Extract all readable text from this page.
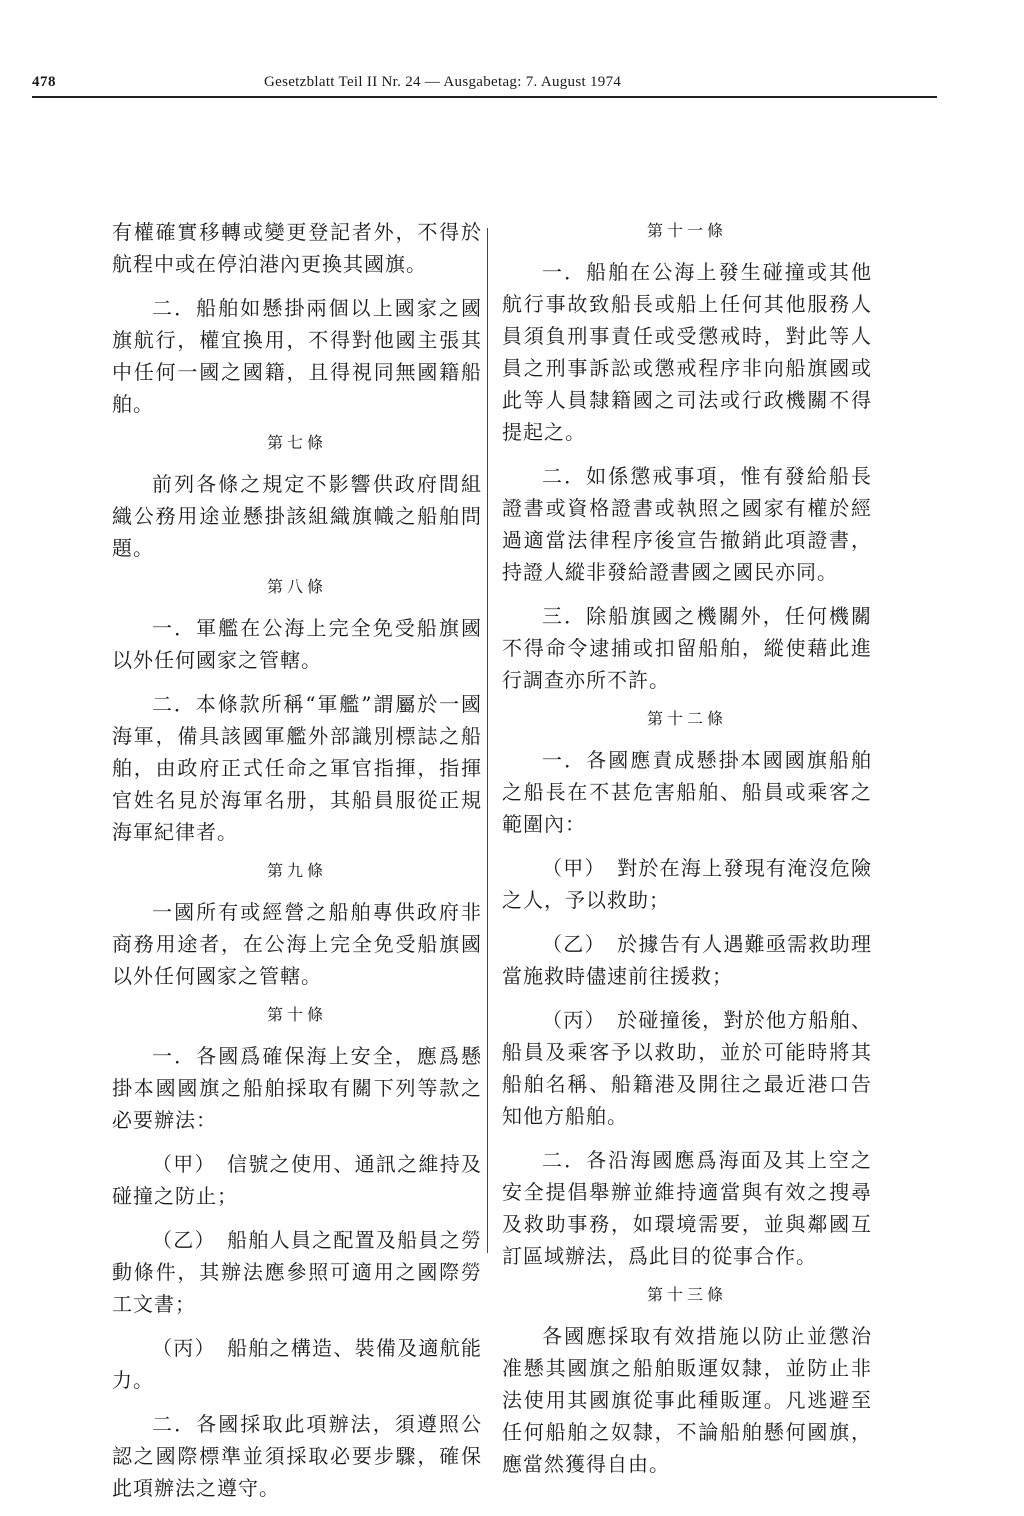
478	Gesetzblatt Teil II Nr. 24 — Ausgabetag: 7. August 1974

有權確實移轉或變更登記者外，不得於航程中或在停泊港內更換其國旗。

二．船舶如懸掛兩個以上國家之國旗航行，權宜換用，不得對他國主張其中任何一國之國籍，且得視同無國籍船舶。

第七條

前列各條之規定不影響供政府間組織公務用途並懸掛該組織旗幟之船舶問題。

第八條

一．軍艦在公海上完全免受船旗國以外任何國家之管轄。

二．本條款所稱“軍艦”謂屬於一國海軍，備具該國軍艦外部識別標誌之船舶，由政府正式任命之軍官指揮，指揮官姓名見於海軍名册，其船員服從正規海軍紀律者。

第九條

一國所有或經營之船舶專供政府非商務用途者，在公海上完全免受船旗國以外任何國家之管轄。

第十條

一．各國爲確保海上安全，應爲懸掛本國國旗之船舶採取有關下列等款之必要辦法：

（甲）　信號之使用、通訊之維持及碰撞之防止；

（乙）　船舶人員之配置及船員之勞動條件，其辦法應參照可適用之國際勞工文書；

（丙）　船舶之構造、裝備及適航能力。

二．各國採取此項辦法，須遵照公認之國際標準並須採取必要步驟，確保此項辦法之遵守。

第十一條

一．船舶在公海上發生碰撞或其他航行事故致船長或船上任何其他服務人員須負刑事責任或受懲戒時，對此等人員之刑事訴訟或懲戒程序非向船旗國或此等人員隸籍國之司法或行政機關不得提起之。

二．如係懲戒事項，惟有發給船長證書或資格證書或執照之國家有權於經過適當法律程序後宣告撤銷此項證書，持證人縱非發給證書國之國民亦同。

三．除船旗國之機關外，任何機關不得命令逮捕或扣留船舶，縱使藉此進行調查亦所不許。

第十二條

一．各國應責成懸掛本國國旗船舶之船長在不甚危害船舶、船員或乘客之範圍內：

（甲）　對於在海上發現有淹沒危險之人，予以救助；

（乙）　於據告有人遇難亟需救助理當施救時儘速前往援救；

（丙）　於碰撞後，對於他方船舶、船員及乘客予以救助，並於可能時將其船舶名稱、船籍港及開往之最近港口告知他方船舶。

二．各沿海國應爲海面及其上空之安全提倡舉辦並維持適當與有效之搜尋及救助事務，如環境需要，並與鄰國互訂區域辦法，爲此目的從事合作。

第十三條

各國應採取有效措施以防止並懲治准懸其國旗之船舶販運奴隸，並防止非法使用其國旗從事此種販運。凡逃避至任何船舶之奴隸，不論船舶懸何國旗，應當然獲得自由。
